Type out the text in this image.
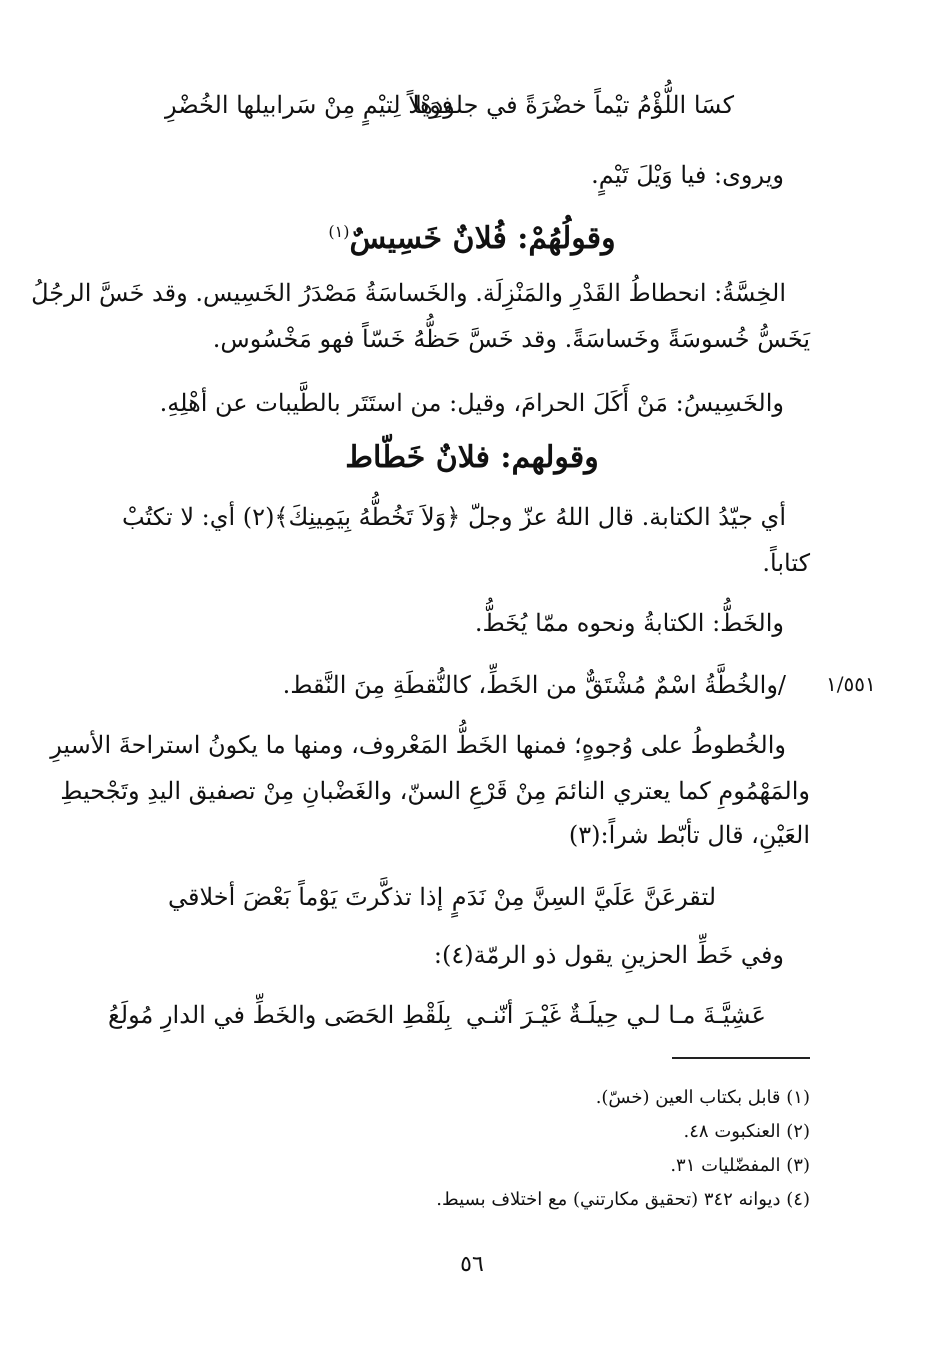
كسَا اللُّؤْمُ تيْماً خضْرَةً في جلودِها
فوَيْلاً لِتيْمٍ مِنْ سَرابيلها الخُضْرِ
ويروى: فيا وَيْلَ تَيْمٍ.
وقولُهُمْ: فُلانٌ خَسِيسٌ$^{(١)}$
الخِسَّةُ: انحطاطُ القَدْرِ والمَنْزِلَة. والخَساسَةُ مَصْدَرُ الخَسِيس. وقد خَسَّ الرجُلُ
يَخَسُّ خُسوسَةً وخَساسَةً. وقد خَسَّ حَظُّهُ خَسّاً فهو مَخْسُوس.
والخَسِيسُ: مَنْ أَكَلَ الحرامَ، وقيل: من استَتَر بالطَّيبات عن أهْلِهِ.
وقولهم: فلانٌ خَطّاط
أي جيّدُ الكتابة. قال اللهُ عزّ وجلّ ﴿وَلاَ تَخُطُّهُ بِيَمِينِكَ﴾(٢) أي: لا تكتُبْ
كتاباً.
والخَطُّ: الكتابةُ ونحوه ممّا يُخَطُّ.
/والخُطَّةُ اسْمٌ مُشْتَقٌّ من الخَطِّ، كالنُّقطَةِ مِنَ النَّقط. ١/٥٥١
والخُطوطُ على وُجوهٍ؛ فمنها الخَطُّ المَعْروف، ومنها ما يكونُ استراحةَ الأسيرِ
والمَهْمُومِ كما يعتري النائمَ مِنْ قَرْعِ السنّ، والغَضْبانِ مِنْ تصفيق اليدِ وتَجْحيطِ
العَيْنِ، قال تأبّط شراً:(٣)
لتقرعَنَّ عَلَيَّ السِنَّ مِنْ نَدَمٍ
إذا تذكَّرتَ يَوْماً بَعْضَ أخلاقي
وفي خَطِّ الحزينِ يقول ذو الرمّة(٤):
عَشِيَّـةَ مـا لـي حِيلَـةٌ غَيْـرَ أنّنـي
بِلَقْطِ الحَصَى والخَطِّ في الدارِ مُولَعُ
(١) قابل بكتاب العين (خسّ).
(٢) العنكبوت ٤٨.
(٣) المفضّليات ٣١.
(٤) ديوانه ٣٤٢ (تحقيق مكارتني) مع اختلاف بسيط.
٥٦
